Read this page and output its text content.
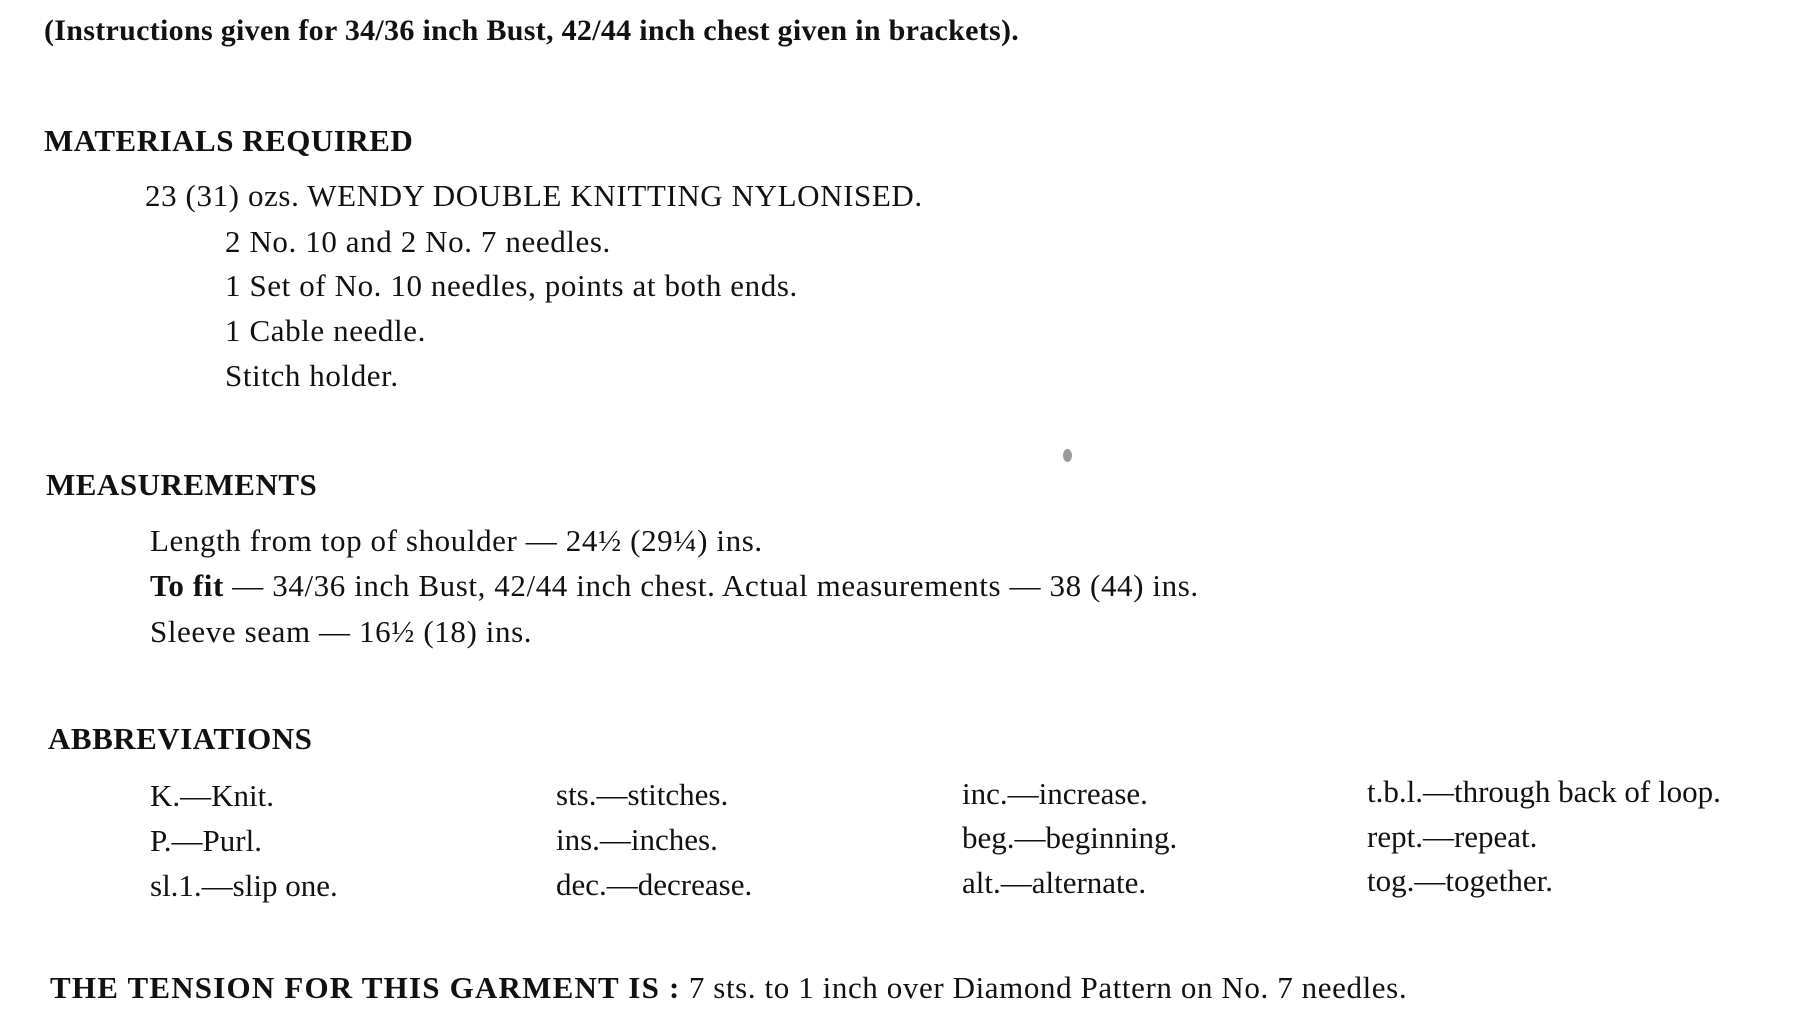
(Instructions given for 34/36 inch Bust, 42/44 inch chest given in brackets).
MATERIALS REQUIRED
23 (31) ozs. WENDY DOUBLE KNITTING NYLONISED.
2 No. 10 and 2 No. 7 needles.
1 Set of No. 10 needles, points at both ends.
1 Cable needle.
Stitch holder.
MEASUREMENTS
Length from top of shoulder — 24½ (29¼) ins.
To fit — 34/36 inch Bust, 42/44 inch chest. Actual measurements — 38 (44) ins.
Sleeve seam — 16½ (18) ins.
ABBREVIATIONS
K.—Knit.
P.—Purl.
sl.1.—slip one.
sts.—stitches.
ins.—inches.
dec.—decrease.
inc.—increase.
beg.—beginning.
alt.—alternate.
t.b.l.—through back of loop.
rept.—repeat.
tog.—together.
THE TENSION FOR THIS GARMENT IS : 7 sts. to 1 inch over Diamond Pattern on No. 7 needles.
